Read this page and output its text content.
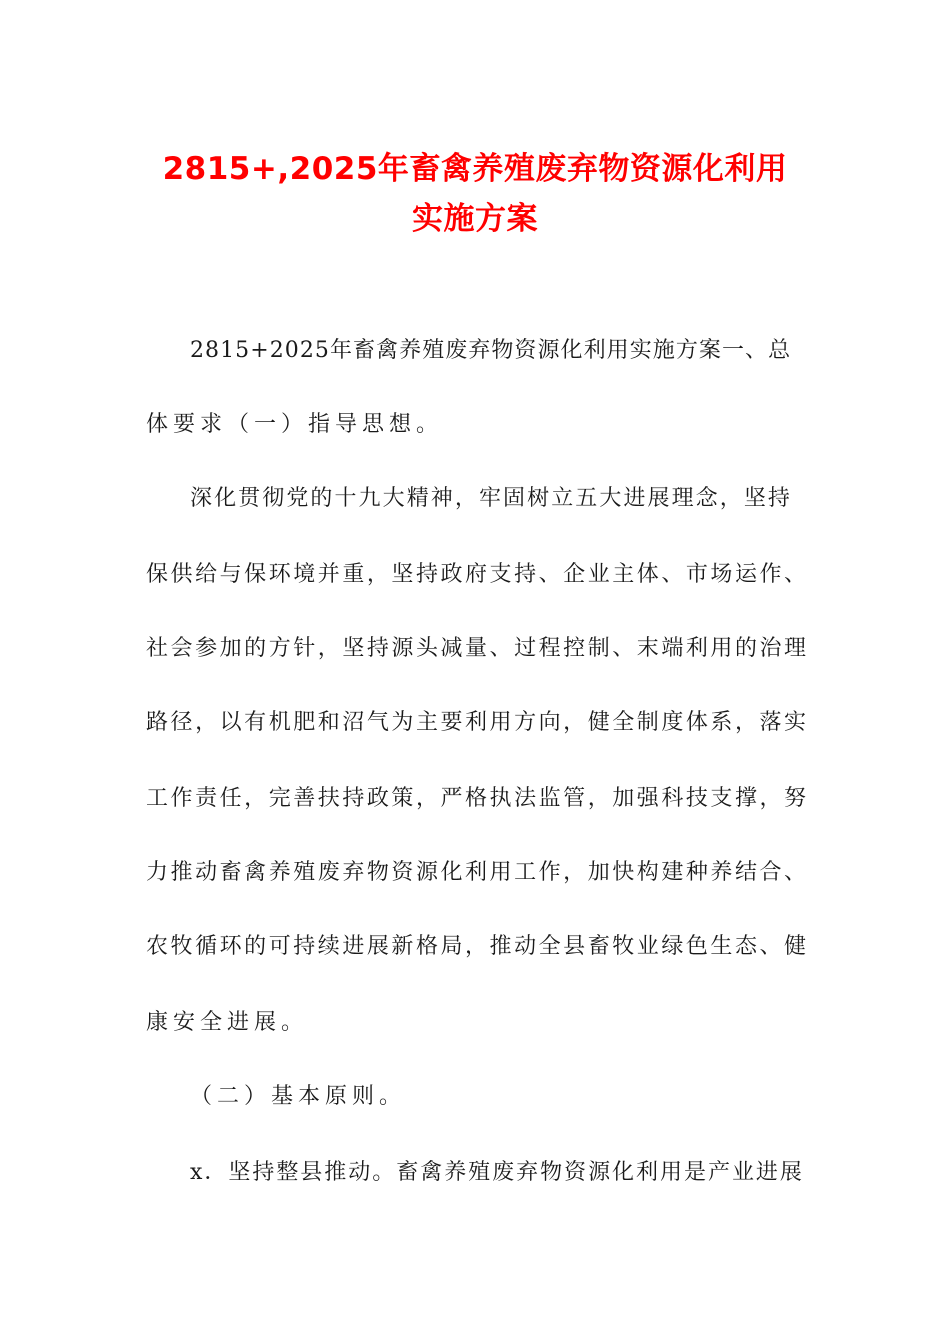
2815+,2025年畜禽养殖废弃物资源化利用
实施方案
2815+2025年畜禽养殖废弃物资源化利用实施方案一、总
体要求（一）指导思想。
深化贯彻党的十九大精神，牢固树立五大进展理念，坚持
保供给与保环境并重，坚持政府支持、企业主体、市场运作、
社会参加的方针，坚持源头减量、过程控制、末端利用的治理
路径，以有机肥和沼气为主要利用方向，健全制度体系，落实
工作责任，完善扶持政策，严格执法监管，加强科技支撑，努
力推动畜禽养殖废弃物资源化利用工作，加快构建种养结合、
农牧循环的可持续进展新格局，推动全县畜牧业绿色生态、健
康安全进展。
（二）基本原则。
x．坚持整县推动。畜禽养殖废弃物资源化利用是产业进展
